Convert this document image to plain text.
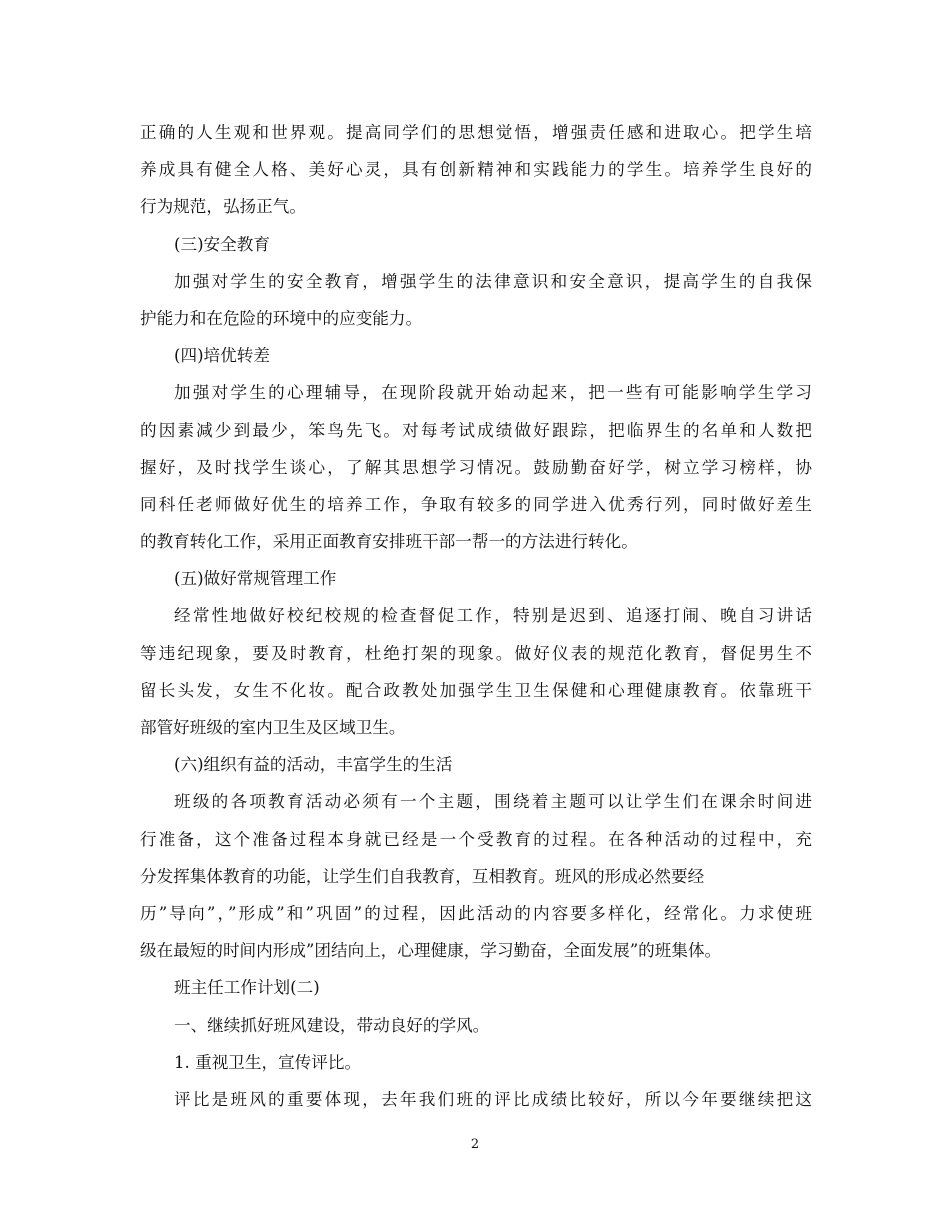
正确的人生观和世界观。提高同学们的思想觉悟，增强责任感和进取心。把学生培
养成具有健全人格、美好心灵，具有创新精神和实践能力的学生。培养学生良好的
行为规范，弘扬正气。
(三)安全教育
加强对学生的安全教育，增强学生的法律意识和安全意识，提高学生的自我保
护能力和在危险的环境中的应变能力。
(四)培优转差
加强对学生的心理辅导，在现阶段就开始动起来，把一些有可能影响学生学习
的因素减少到最少，笨鸟先飞。对每考试成绩做好跟踪，把临界生的名单和人数把
握好，及时找学生谈心，了解其思想学习情况。鼓励勤奋好学，树立学习榜样，协
同科任老师做好优生的培养工作，争取有较多的同学进入优秀行列，同时做好差生
的教育转化工作，采用正面教育安排班干部一帮一的方法进行转化。
(五)做好常规管理工作
经常性地做好校纪校规的检查督促工作，特别是迟到、追逐打闹、晚自习讲话
等违纪现象，要及时教育，杜绝打架的现象。做好仪表的规范化教育，督促男生不
留长头发，女生不化妆。配合政教处加强学生卫生保健和心理健康教育。依靠班干
部管好班级的室内卫生及区域卫生。
(六)组织有益的活动，丰富学生的生活
班级的各项教育活动必须有一个主题，围绕着主题可以让学生们在课余时间进
行准备，这个准备过程本身就已经是一个受教育的过程。在各种活动的过程中，充
分发挥集体教育的功能，让学生们自我教育，互相教育。班风的形成必然要经
历”导向”，”形成”和”巩固”的过程，因此活动的内容要多样化，经常化。力求使班
级在最短的时间内形成”团结向上，心理健康，学习勤奋，全面发展”的班集体。
班主任工作计划(二)
一、继续抓好班风建设，带动良好的学风。
1. 重视卫生，宣传评比。
评比是班风的重要体现，去年我们班的评比成绩比较好，所以今年要继续把这
2
